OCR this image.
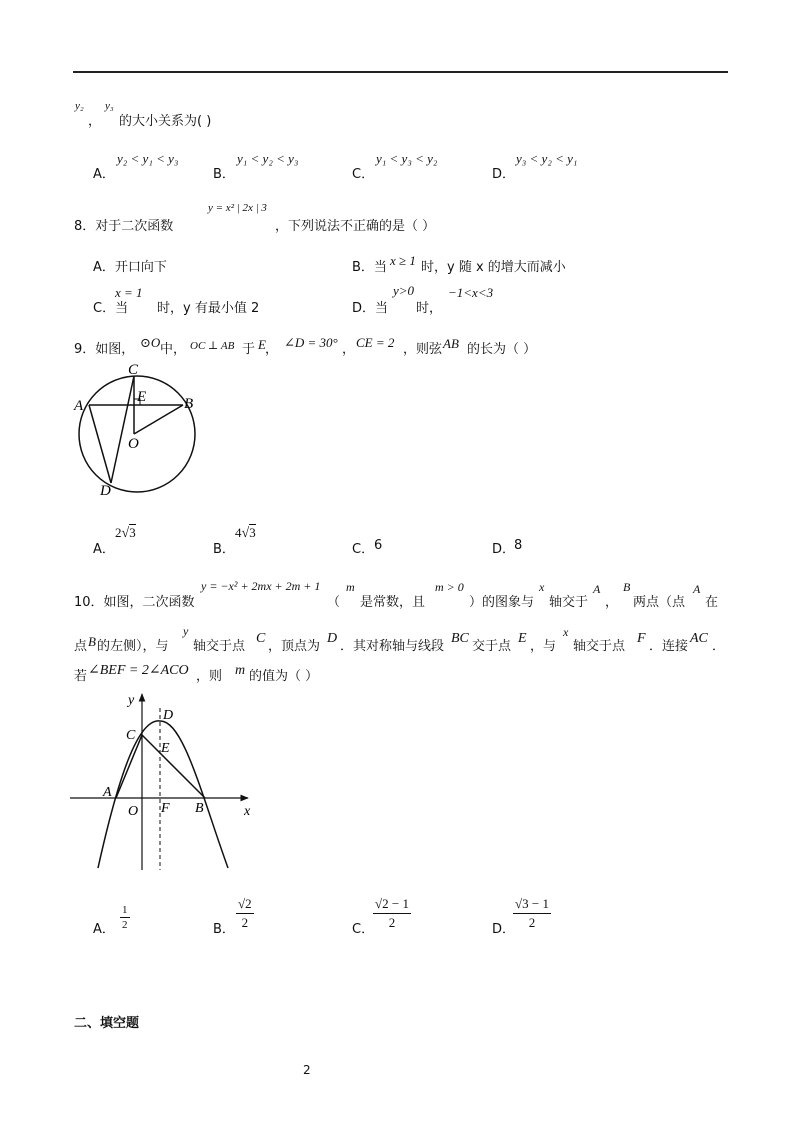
y₂
，
y₃
的大小关系为( )
A．
y₂ < y₁ < y₃
B．
y₁ < y₂ < y₃
C．
y₁ < y₃ < y₂
D．
y₃ < y₂ < y₁
8．对于二次函数
y = x² | 2x | 3
，下列说法不正确的是（ ）
A．开口向下	B．当 x ≥ 1 时，y 随 x 的增大而减小
C．当
x = 1
时，y 有最小值 2	D．当
y>0
时，
−1<x<3
9．如图， ⊙O 中， OC ⊥ AB 于 E ， ∠D = 30° ， CE = 2 ，则弦 AB 的长为（ ）
C
E
A	B
O
D
A．
2√3
B．
4√3
C． 6	D．
8
10．如图，二次函数
y = −x² + 2mx + 2m + 1
（
m
是常数，且
m > 0
）的图象与
x
轴交于
A
，
B
两点（点
A
在
点 B 的左侧），与
y
轴交于点
C
，顶点为
D
．其对称轴与线段
BC
交于点
E
，与
x
轴交于点
F
．连接
AC
．
若 ∠BEF = 2∠ACO ，则 m 的值为（ ）
y
x
D
C
E
A
O F B
A． $\frac{1}{2}$	B． $\frac{√2}{2}$	C．
$\frac{√2 - 1}{2}$	D．
$\frac{√3 - 1}{2}$
二、填空题
2
